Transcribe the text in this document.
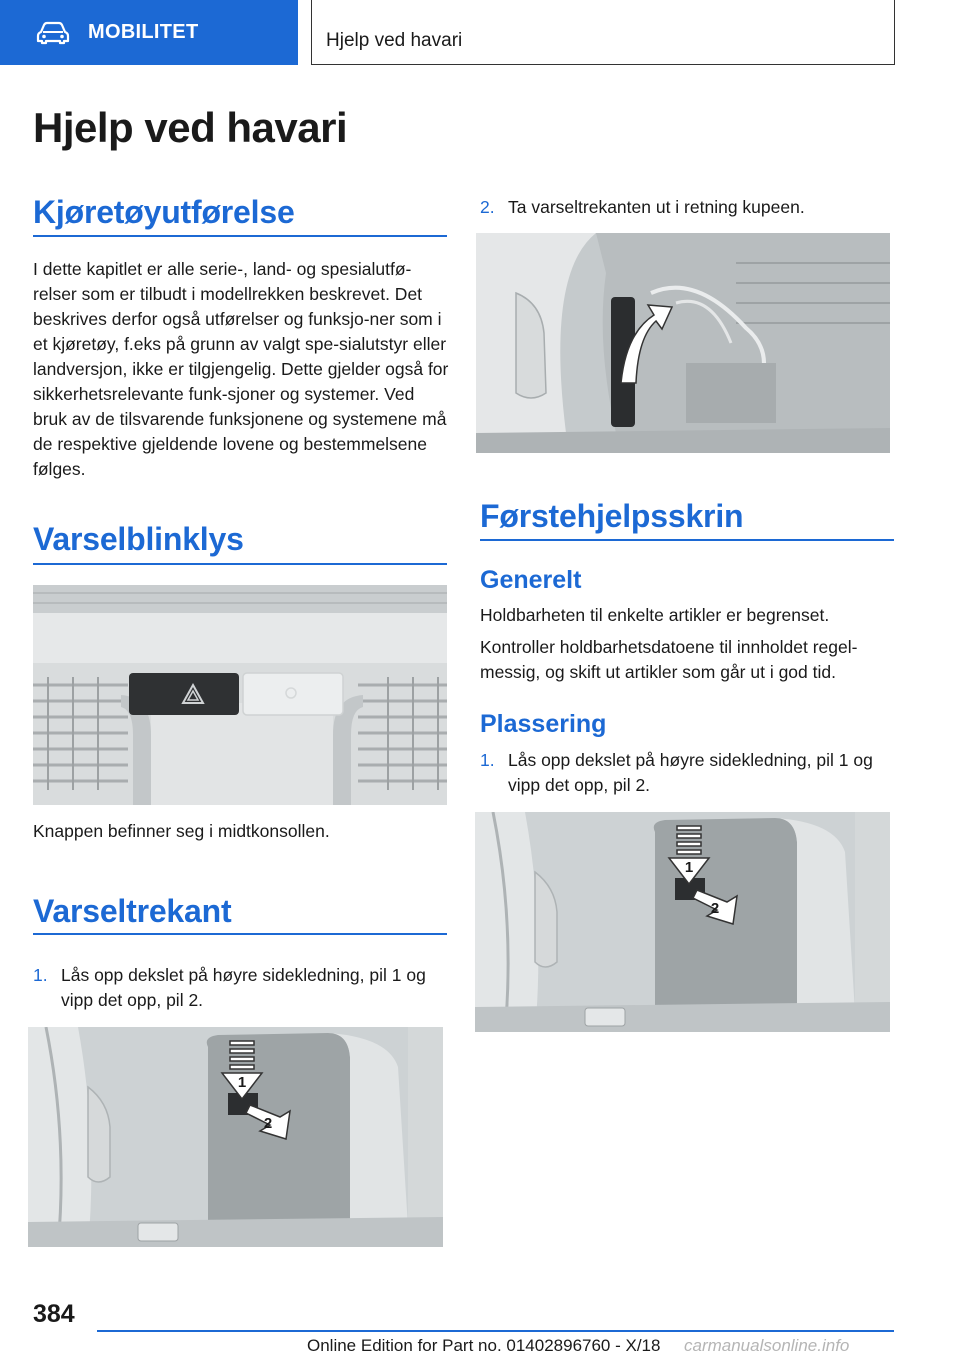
MOBILITET	Hjelp ved havari
Hjelp ved havari
Kjøretøyutførelse
I dette kapitlet er alle serie-, land- og spesialutfø-relser som er tilbudt i modellrekken beskrevet. Det beskrives derfor også utførelser og funksjo-ner som i et kjøretøy, f.eks på grunn av valgt spe-sialutstyr eller landversjon, ikke er tilgjengelig. Dette gjelder også for sikkerhetsrelevante funk-sjoner og systemer. Ved bruk av de tilsvarende funksjonene og systemene må de respektive gjeldende lovene og bestemmelsene følges.
Varselblinklys
Knappen befinner seg i midtkonsollen.
Varseltrekant
1. Lås opp dekslet på høyre sidekledning, pil 1 og vipp det opp, pil 2.
1
2
2. Ta varseltrekanten ut i retning kupeen.
Førstehjelpsskrin
Generelt
Holdbarheten til enkelte artikler er begrenset.
Kontroller holdbarhetsdatoene til innholdet regel-messig, og skift ut artikler som går ut i god tid.
Plassering
1. Lås opp dekslet på høyre sidekledning, pil 1 og vipp det opp, pil 2.
1
2
384
Online Edition for Part no. 01402896760 - X/18 carmanualsonline.info
